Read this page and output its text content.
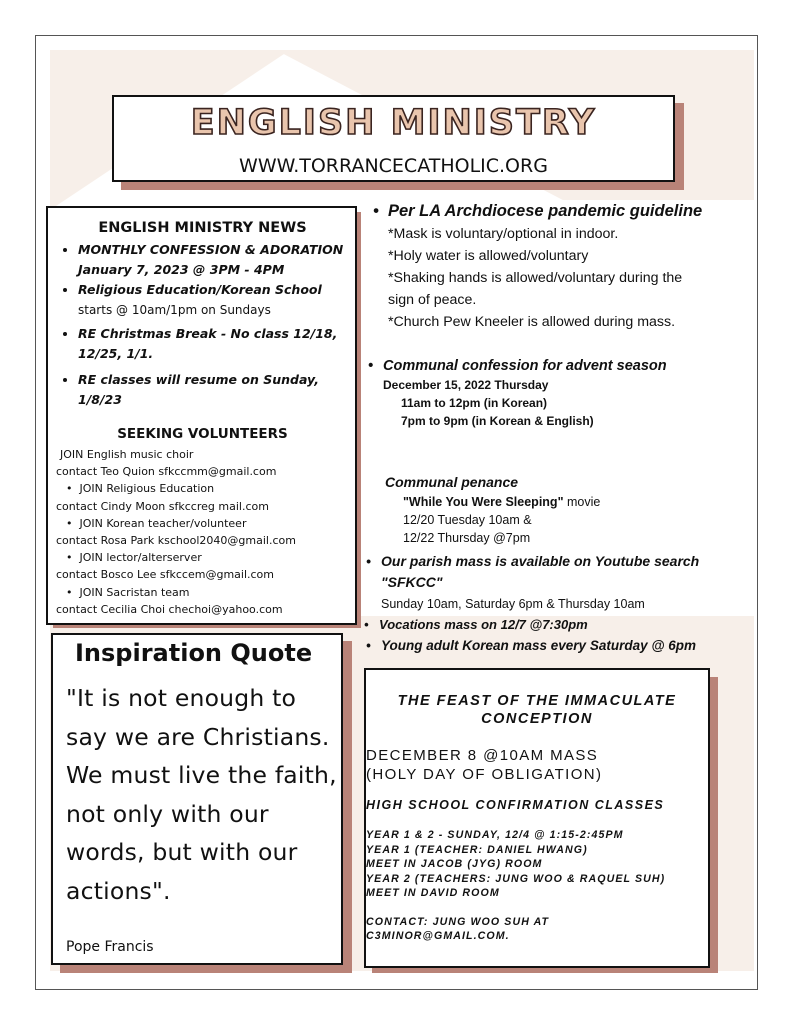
ENGLISH MINISTRY
WWW.TORRANCECATHOLIC.ORG
ENGLISH MINISTRY NEWS
• MONTHLY CONFESSION & ADORATION
January 7, 2023 @ 3PM - 4PM
• Religious Education/Korean School
starts @ 10am/1pm on Sundays
• RE Christmas Break - No class 12/18,
12/25, 1/1.
• RE classes will resume on Sunday,
1/8/23
SEEKING VOLUNTEERS
JOIN English music choir
contact Teo Quion sfkccmm@gmail.com
• JOIN Religious Education
contact Cindy Moon sfkccreg mail.com
• JOIN Korean teacher/volunteer
contact Rosa Park kschool2040@gmail.com
• JOIN lector/alterserver
contact Bosco Lee sfkccem@gmail.com
• JOIN Sacristan team
contact Cecilia Choi chechoi@yahoo.com
Inspiration Quote
"It is not enough to
say we are Christians.
We must live the faith,
not only with our
words, but with our
actions".
Pope Francis
• Per LA Archdiocese pandemic guideline
*Mask is voluntary/optional in indoor.
*Holy water is allowed/voluntary
*Shaking hands is allowed/voluntary during the
sign of peace.
*Church Pew Kneeler is allowed during mass.
• Communal confession for advent season
December 15, 2022 Thursday
11am to 12pm (in Korean)
7pm to 9pm (in Korean & English)
Communal penance
"While You Were Sleeping" movie
12/20 Tuesday 10am &
12/22 Thursday @7pm
• Our parish mass is available on Youtube search
"SFKCC"
Sunday 10am, Saturday 6pm & Thursday 10am
• Vocations mass on 12/7 @7:30pm
• Young adult Korean mass every Saturday @ 6pm
THE FEAST OF THE IMMACULATE
CONCEPTION
DECEMBER 8 @10AM MASS
(HOLY DAY OF OBLIGATION)
HIGH SCHOOL CONFIRMATION CLASSES
YEAR 1 & 2 - SUNDAY, 12/4 @ 1:15-2:45PM
YEAR 1 (TEACHER: DANIEL HWANG)
MEET IN JACOB (JYG) ROOM
YEAR 2 (TEACHERS: JUNG WOO & RAQUEL SUH)
MEET IN DAVID ROOM
CONTACT: JUNG WOO SUH AT
C3MINOR@GMAIL.COM.
